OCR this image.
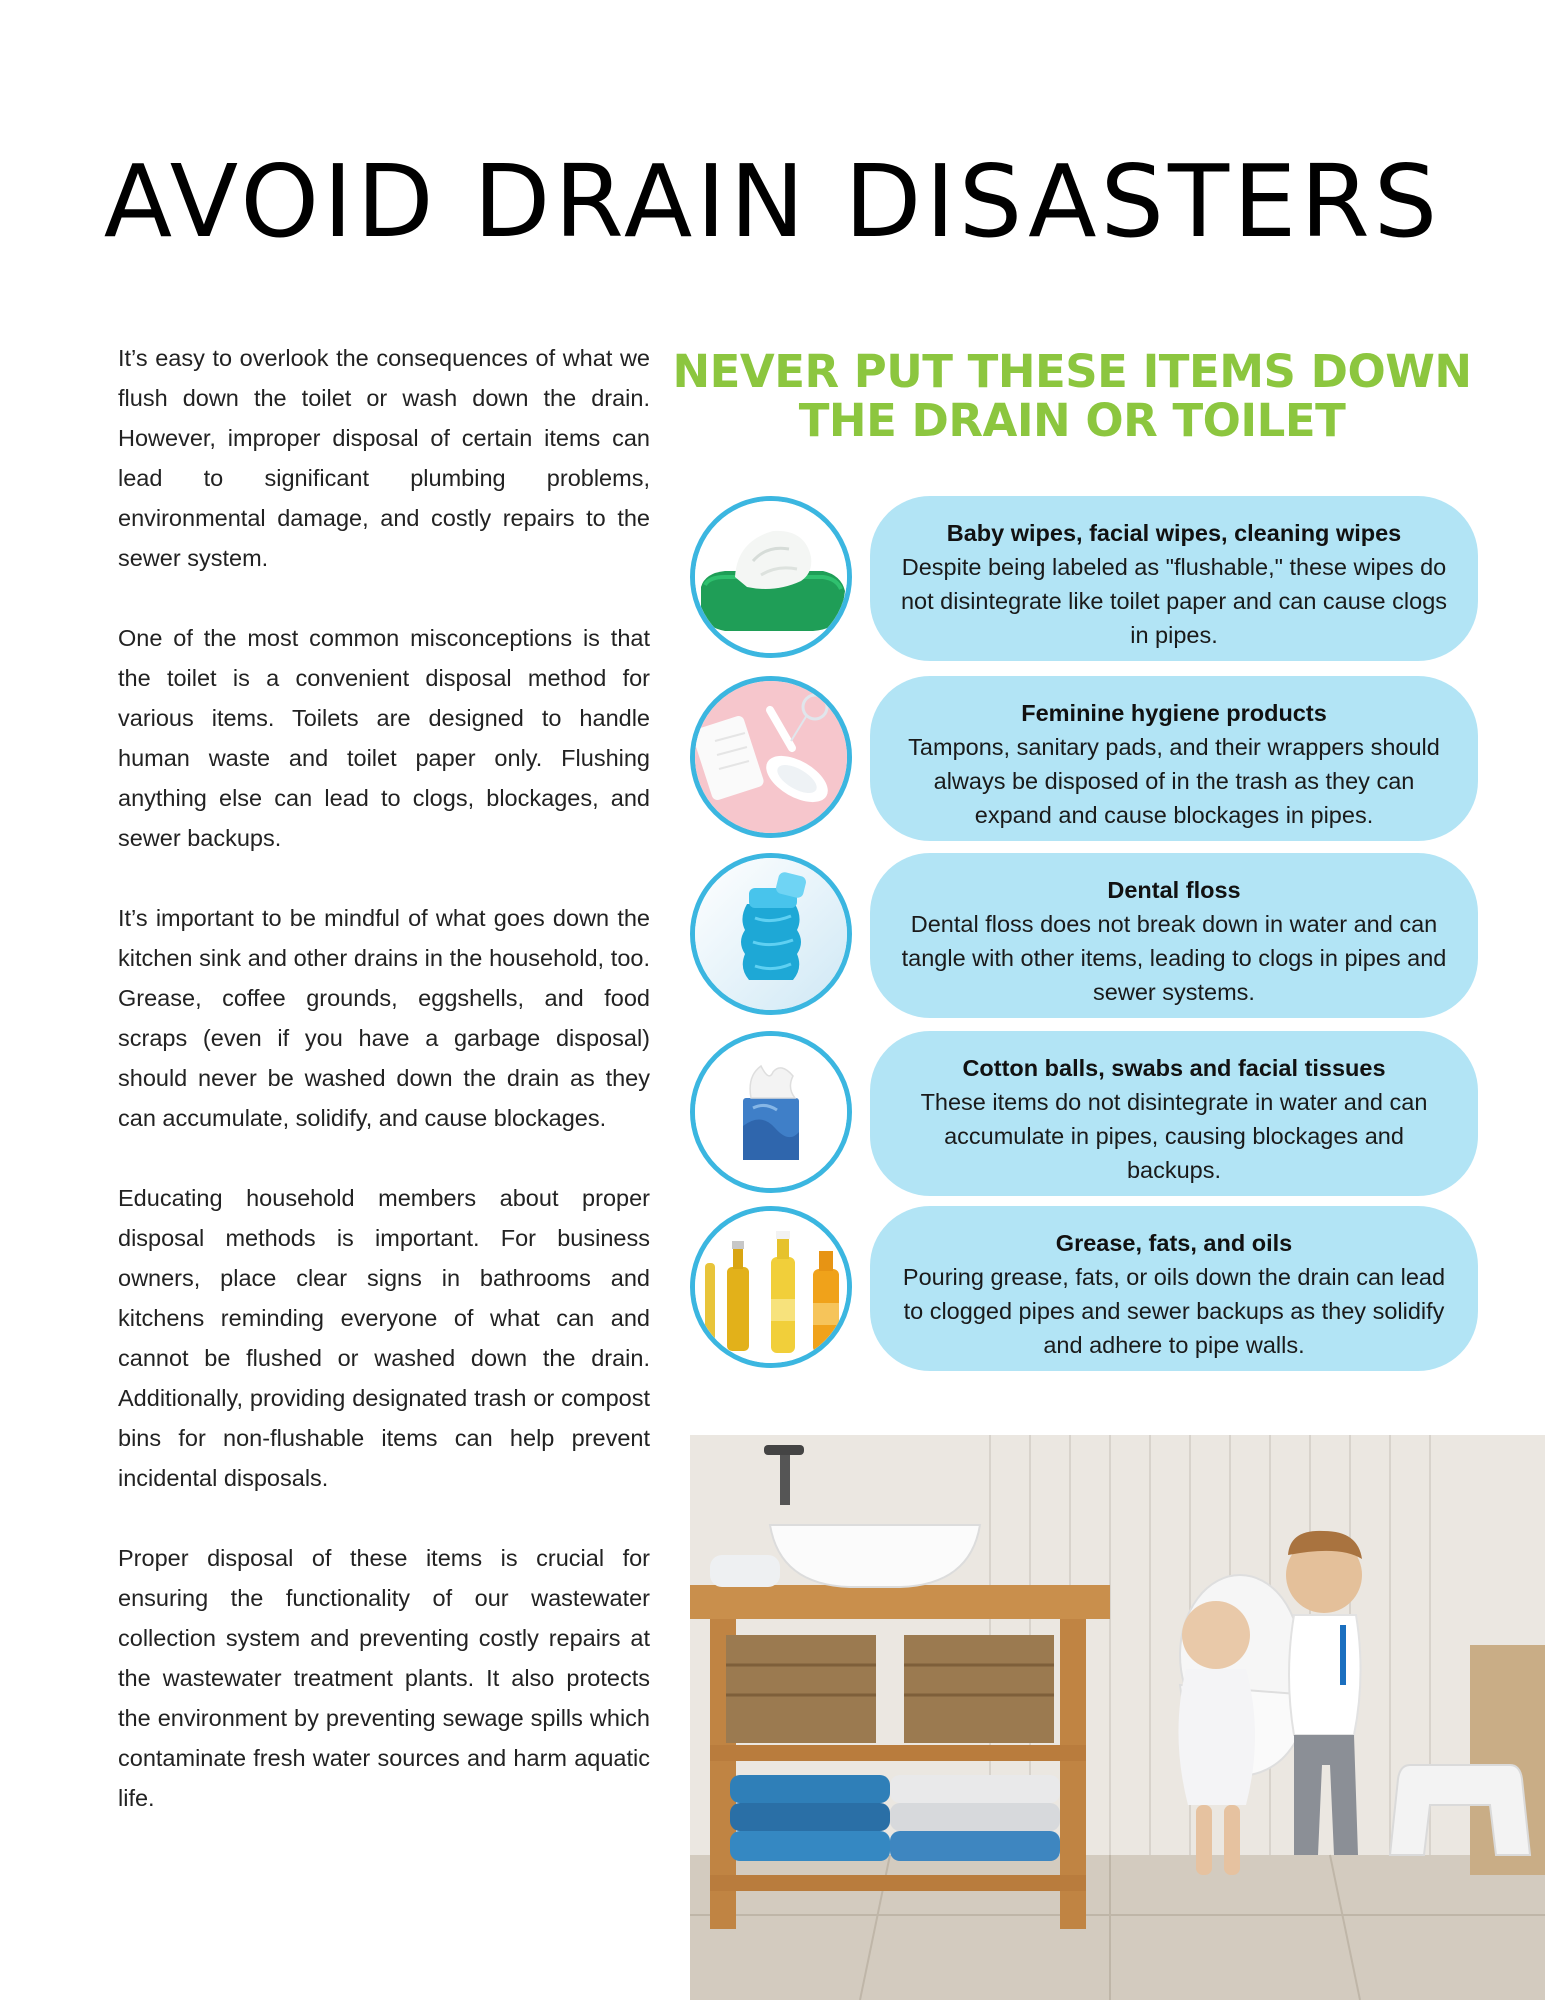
AVOID DRAIN DISASTERS

It’s easy to overlook the consequences of what we flush down the toilet or wash down the drain. However, improper disposal of certain items can lead to significant plumbing problems, environmental damage, and costly repairs to the sewer system.

One of the most common misconceptions is that the toilet is a convenient disposal method for various items. Toilets are designed to handle human waste and toilet paper only. Flushing anything else can lead to clogs, blockages, and sewer backups.

It’s important to be mindful of what goes down the kitchen sink and other drains in the household, too. Grease, coffee grounds, eggshells, and food scraps (even if you have a garbage disposal) should never be washed down the drain as they can accumulate, solidify, and cause blockages.

Educating household members about proper disposal methods is important. For business owners, place clear signs in bathrooms and kitchens reminding everyone of what can and cannot be flushed or washed down the drain. Additionally, providing designated trash or compost bins for non-flushable items can help prevent incidental disposals.

Proper disposal of these items is crucial for ensuring the functionality of our wastewater collection system and preventing costly repairs at the wastewater treatment plants. It also protects the environment by preventing sewage spills which contaminate fresh water sources and harm aquatic life.

NEVER PUT THESE ITEMS DOWN
THE DRAIN OR TOILET
Baby wipes, facial wipes, cleaning wipes
Despite being labeled as "flushable," these wipes do not disintegrate like toilet paper and can cause clogs in pipes.
Feminine hygiene products
Tampons, sanitary pads, and their wrappers should always be disposed of in the trash as they can expand and cause blockages in pipes.
Dental floss
Dental floss does not break down in water and can tangle with other items, leading to clogs in pipes and sewer systems.
Cotton balls, swabs and facial tissues
These items do not disintegrate in water and can accumulate in pipes, causing blockages and backups.
Grease, fats, and oils
Pouring grease, fats, or oils down the drain can lead to clogged pipes and sewer backups as they solidify and adhere to pipe walls.
